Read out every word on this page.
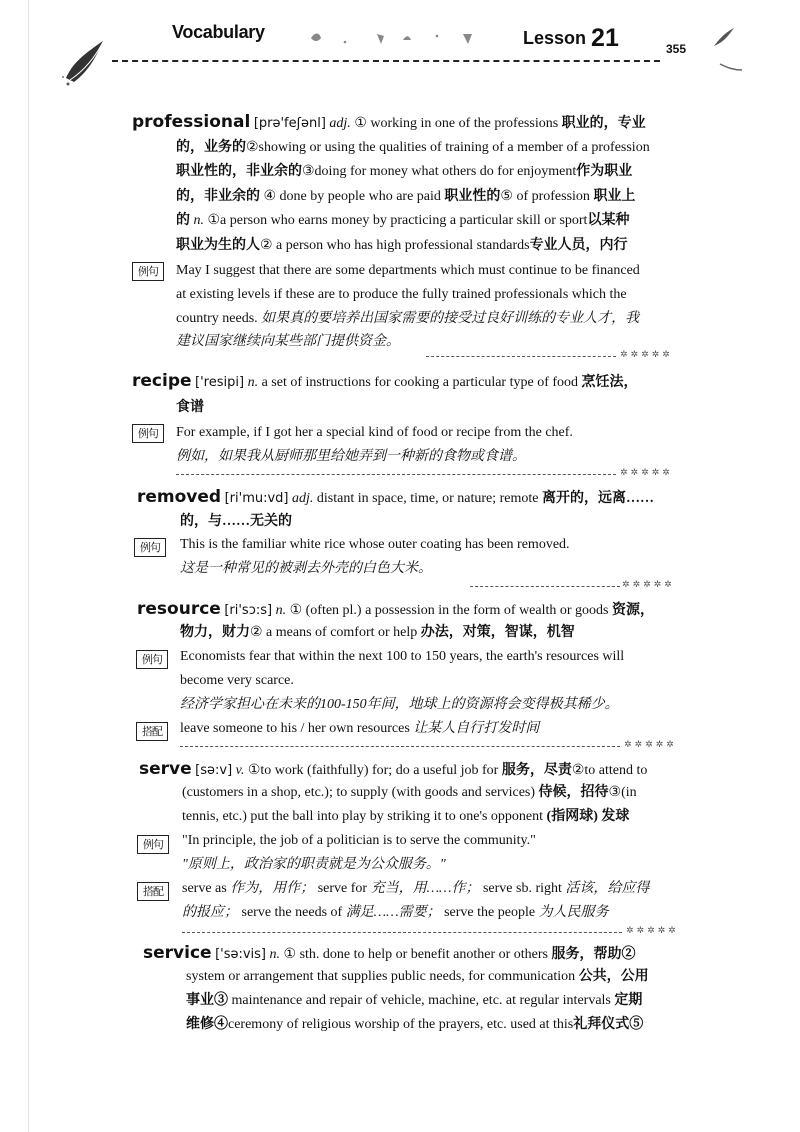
Vocabulary	Lesson 21	355
professional [prə'feʃənl] adj. ① working in one of the professions 职业的，专业
的，业务的②showing or using the qualities of training of a member of a profession
职业性的，非业余的③doing for money what others do for enjoyment作为职业
的，非业余的 ④ done by people who are paid 职业性的⑤ of profession 职业上
的 n. ①a person who earns money by practicing a particular skill or sport以某种
职业为生的人② a person who has high professional standards专业人员，内行
例句	May I suggest that there are some departments which must continue to be financed
at existing levels if these are to produce the fully trained professionals which the
country needs. 如果真的要培养出国家需要的接受过良好训练的专业人才，我
建议国家继续向某些部门提供资金。
✲✲✲✲✲
recipe ['resipi] n. a set of instructions for cooking a particular type of food 烹饪法，
食谱
例句	For example, if I got her a special kind of food or recipe from the chef.
例如，如果我从厨师那里给她弄到一种新的食物或食谱。
✲✲✲✲✲
removed [ri'mu:vd] adj. distant in space, time, or nature; remote 离开的，远离……
的，与……无关的
例句	This is the familiar white rice whose outer coating has been removed.
这是一种常见的被剥去外壳的白色大米。
✲✲✲✲✲
resource [ri'sɔ:s] n. ① (often pl.) a possession in the form of wealth or goods 资源，
物力，财力② a means of comfort or help 办法，对策，智谋，机智
例句	Economists fear that within the next 100 to 150 years, the earth's resources will
become very scarce.
经济学家担心在未来的100-150年间，地球上的资源将会变得极其稀少。
搭配	leave someone to his / her own resources 让某人自行打发时间
✲✲✲✲✲
serve [sə:v] v. ①to work (faithfully) for; do a useful job for 服务，尽责②to attend to
(customers in a shop, etc.); to supply (with goods and services) 侍候，招待③(in
tennis, etc.) put the ball into play by striking it to one's opponent (指网球) 发球
例句	"In principle, the job of a politician is to serve the community."
"原则上，政治家的职责就是为公众服务。"
搭配	serve as 作为，用作； serve for 充当，用……作； serve sb. right 活该，给应得
的报应； serve the needs of 满足……需要； serve the people 为人民服务
✲✲✲✲✲
service ['sə:vis] n. ① sth. done to help or benefit another or others 服务，帮助②
system or arrangement that supplies public needs, for communication 公共，公用
事业③ maintenance and repair of vehicle, machine, etc. at regular intervals 定期
维修④ceremony of religious worship of the prayers, etc. used at this礼拜仪式⑤
